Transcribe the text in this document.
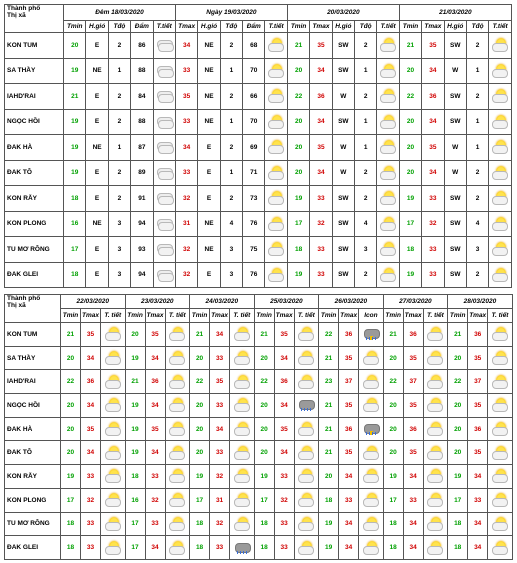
Thành phố
Thị xã	Đêm 18/03/2020					Ngày 19/03/2020					20/03/2020					21/03/2020				
	Tmin	H.gió	Tđộ	Đẩm	T.tiết	Tmax	H.gió	Tđộ	Đẩm	T.tiết	Tmin	Tmax	H.gió	Tđộ	T.tiết	Tmin	Tmax	H.gió	Tđộ	T.tiết
KON TUM	20	E	2	86		34	NE	2	68		21	35	SW	2		21	35	SW	2	

SA THẦY	19	NE	1	88		33	NE	1	70		20	34	SW	1		20	34	W	1	

IAHD'RAI	21	E	2	84		35	NE	2	66		22	36	W	2		22	36	SW	2	

NGỌC HỒI	19	E	2	88		33	NE	1	70		20	34	SW	1		20	34	SW	1	

ĐAK HÀ	19	NE	1	87		34	E	2	69		20	35	W	1		20	35	W	1	

ĐAK TÔ	19	E	2	89		33	E	1	71		20	34	W	2		20	34	W	2	

KON RẪY	18	E	2	91		32	E	2	73		19	33	SW	2		19	33	SW	2	

KON PLONG	16	NE	3	94		31	NE	4	76		17	32	SW	4		17	32	SW	4	

TU MƠ RÔNG	17	E	3	93		32	NE	3	75		18	33	SW	3		18	33	SW	3	

ĐAK GLEI	18	E	3	94		32	E	3	76		19	33	SW	2		19	33	SW	2	
Thành phố
Thị xã	22/03/2020			23/03/2020			24/03/2020			25/03/2020			26/03/2020			27/03/2020			28/03/2020		
	Tmin	Tmax	T. tiết	Tmin	Tmax	T. tiết	Tmin	Tmax	T. tiết	Tmin	Tmax	T. tiết	Tmin	Tmax	Icon	Tmin	Tmax	T. tiết	Tmin	Tmax	T. tiết
KON TUM	21	35		20	35		21	34		21	35		22	36		21	36		21	36	

SA THẦY	20	34		19	34		20	33		20	34		21	35		20	35		20	35	

IAHD'RAI	22	36		21	36		22	35		22	36		23	37		22	37		22	37	

NGỌC HỒI	20	34		19	34		20	33		20	34		21	35		20	35		20	35	

ĐAK HÀ	20	35		19	35		20	34		20	35		21	36		20	36		20	36	

ĐAK TÔ	20	34		19	34		20	33		20	34		21	35		20	35		20	35	

KON RẪY	19	33		18	33		19	32		19	33		20	34		19	34		19	34	

KON PLONG	17	32		16	32		17	31		17	32		18	33		17	33		17	33	

TU MƠ RÔNG	18	33		17	33		18	32		18	33		19	34		18	34		18	34	

ĐAK GLEI	18	33		17	34		18	33		18	33		19	34		18	34		18	34	
